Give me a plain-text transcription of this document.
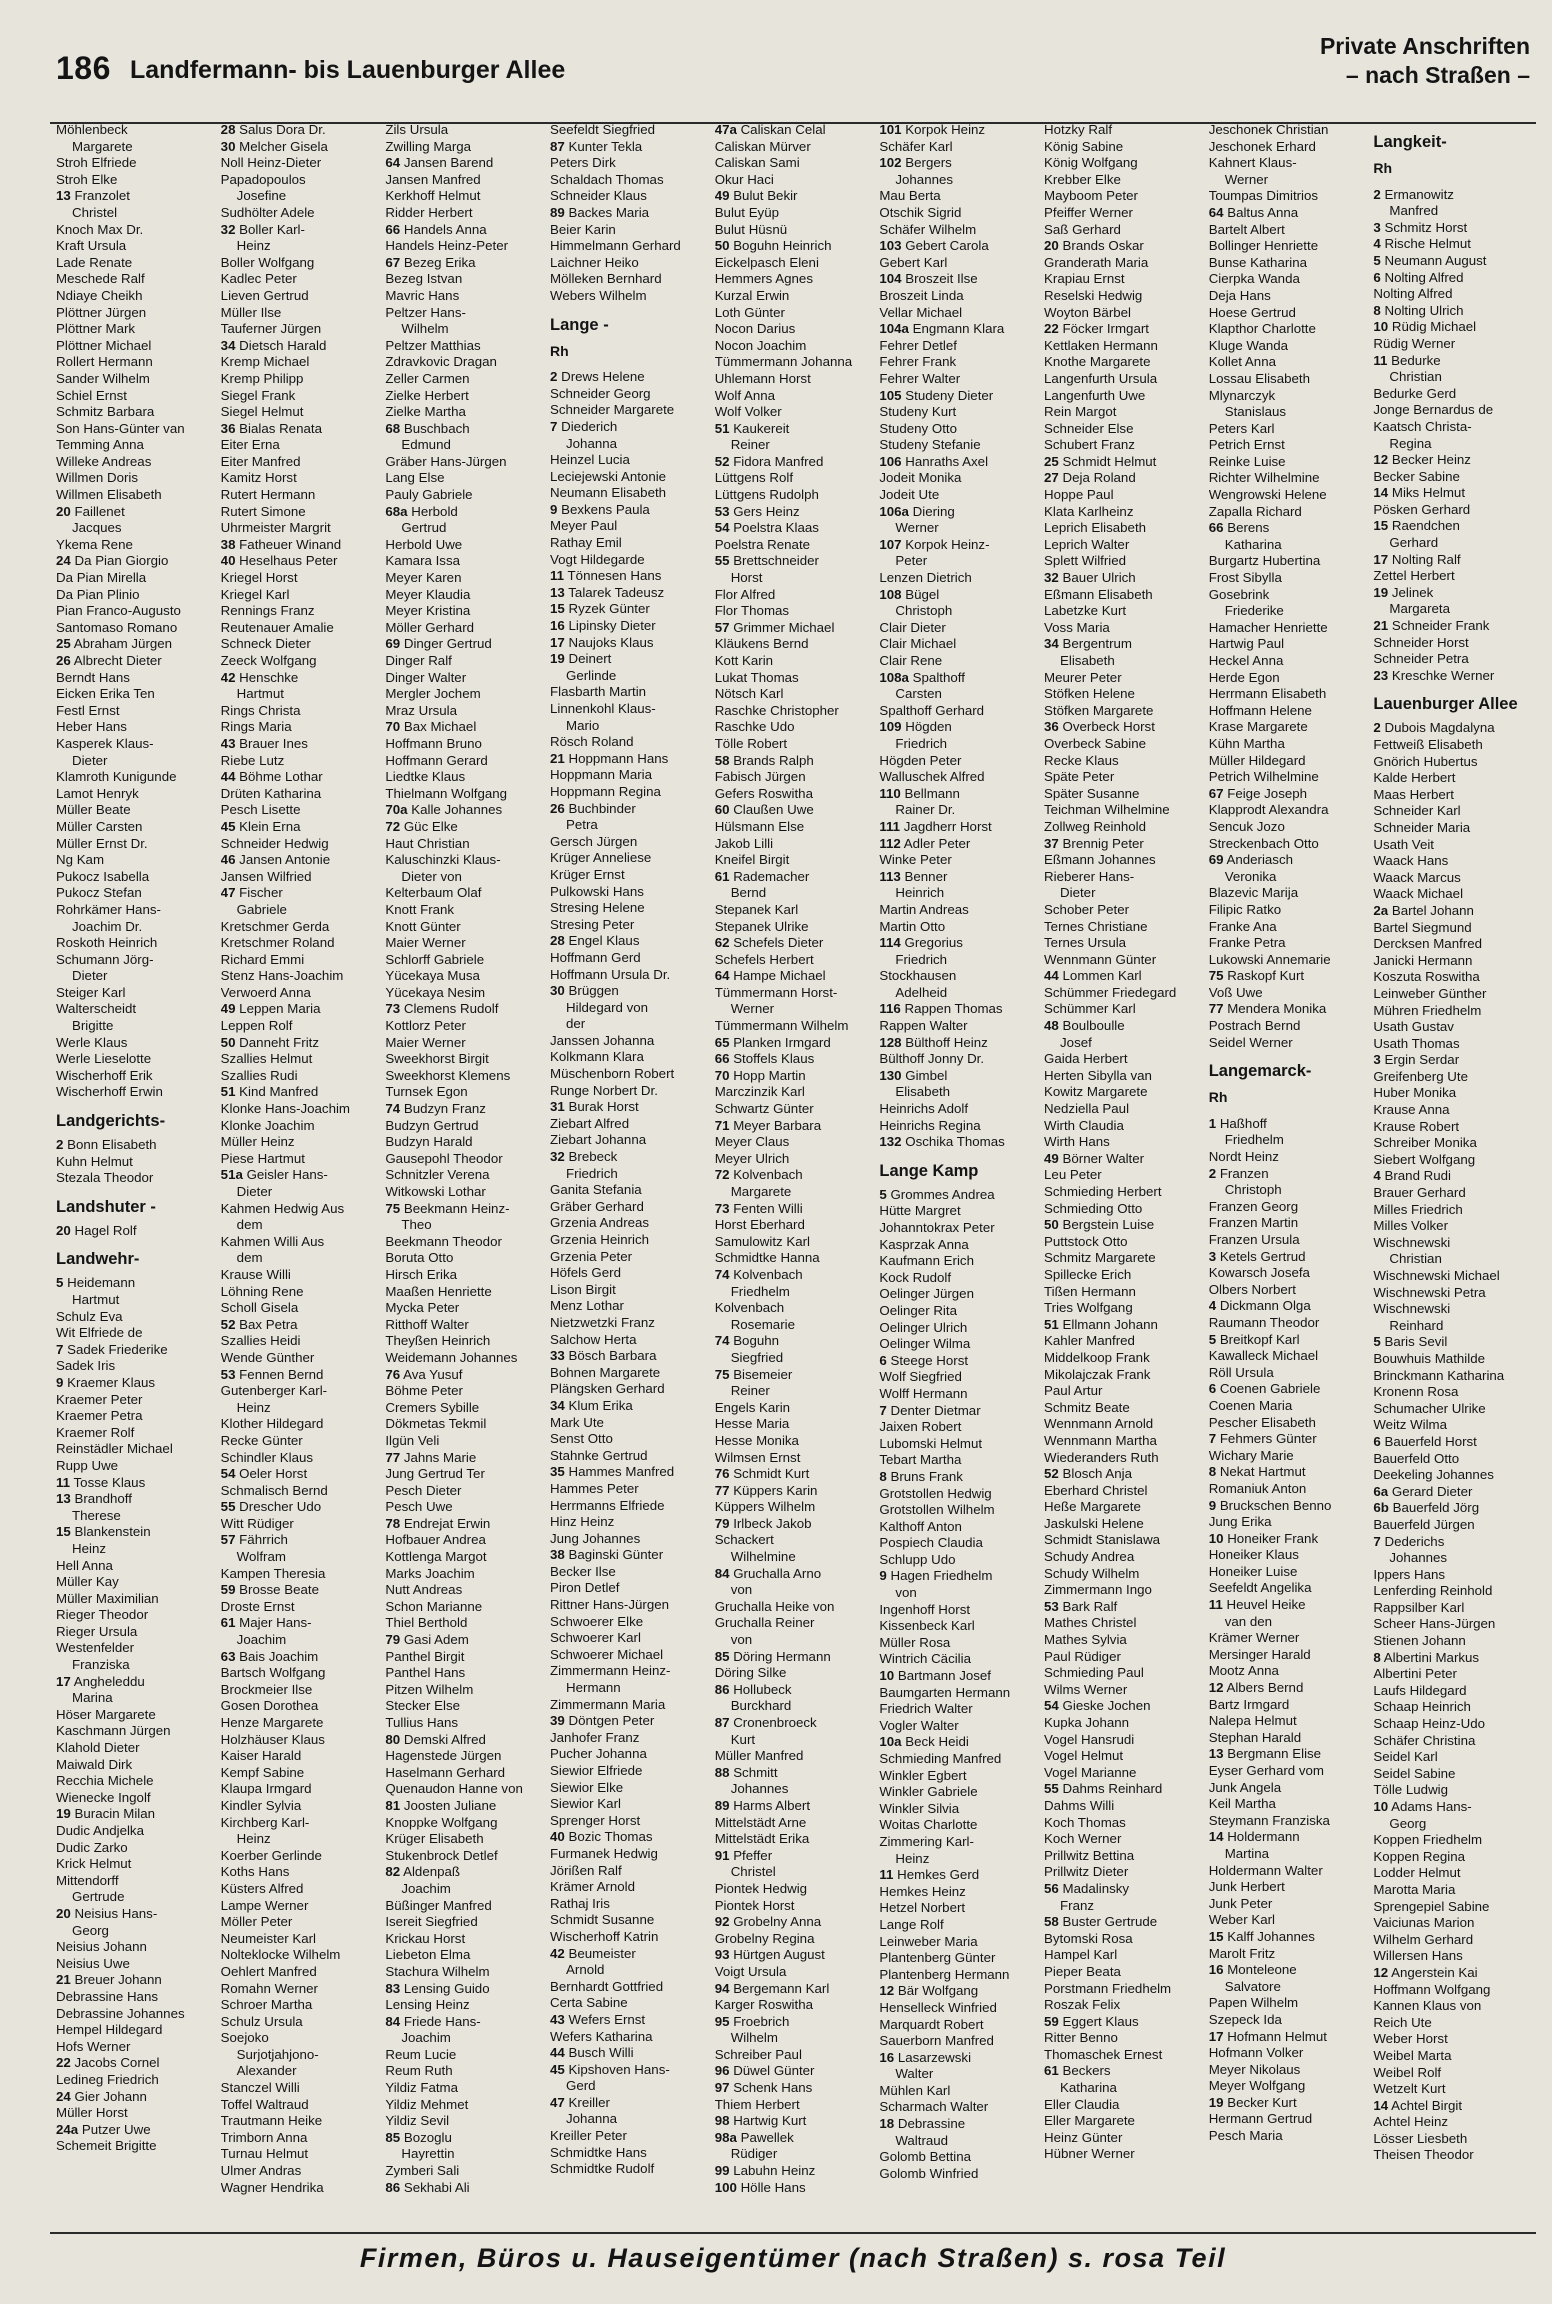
186 Landfermann- bis Lauenburger Allee
Private Anschriften
– nach Straßen –
Möhlenbeck
Margarete
Stroh Elfriede
Stroh Elke
13 Franzolet
Christel
Knoch Max Dr.
Kraft Ursula
Lade Renate
Meschede Ralf
Ndiaye Cheikh
Plöttner Jürgen
Plöttner Mark
Plöttner Michael
Rollert Hermann
Sander Wilhelm
Schiel Ernst
Schmitz Barbara
Son Hans-Günter van
Temming Anna
Willeke Andreas
Willmen Doris
Willmen Elisabeth
20 Faillenet
Jacques
Ykema Rene
24 Da Pian Giorgio
Da Pian Mirella
Da Pian Plinio
Pian Franco-Augusto
Santomaso Romano
25 Abraham Jürgen
26 Albrecht Dieter
Berndt Hans
Eicken Erika Ten
Festl Ernst
Heber Hans
Kasperek Klaus-
Dieter
Klamroth Kunigunde
Lamot Henryk
Müller Beate
Müller Carsten
Müller Ernst Dr.
Ng Kam
Pukocz Isabella
Pukocz Stefan
Rohrkämer Hans-
Joachim Dr.
Roskoth Heinrich
Schumann Jörg-
Dieter
Steiger Karl
Walterscheidt
Brigitte
Werle Klaus
Werle Lieselotte
Wischerhoff Erik
Wischerhoff Erwin
Landgerichts-
2 Bonn Elisabeth
Kuhn Helmut
Stezala Theodor
Landshuter -
20 Hagel Rolf
Landwehr-
5 Heidemann
Hartmut
Schulz Eva
Wit Elfriede de
7 Sadek Friederike
Sadek Iris
9 Kraemer Klaus
Kraemer Peter
Kraemer Petra
Kraemer Rolf
Reinstädler Michael
Rupp Uwe
11 Tosse Klaus
13 Brandhoff
Therese
15 Blankenstein
Heinz
Hell Anna
Müller Kay
Müller Maximilian
Rieger Theodor
Rieger Ursula
Westenfelder
Franziska
17 Angheleddu
Marina
Höser Margarete
Kaschmann Jürgen
Klahold Dieter
Maiwald Dirk
Recchia Michele
Wienecke Ingolf
19 Buracin Milan
Dudic Andjelka
Dudic Zarko
Krick Helmut
Mittendorff
Gertrude
20 Neisius Hans-
Georg
Neisius Johann
Neisius Uwe
21 Breuer Johann
Debrassine Hans
Debrassine Johannes
Hempel Hildegard
Hofs Werner
22 Jacobs Cornel
Ledineg Friedrich
24 Gier Johann
Müller Horst
24a Putzer Uwe
Schemeit Brigitte
28 Salus Dora Dr.
30 Melcher Gisela
Noll Heinz-Dieter
Papadopoulos
Josefine
Sudhölter Adele
32 Boller Karl-
Heinz
Boller Wolfgang
Kadlec Peter
Lieven Gertrud
Müller Ilse
Tauferner Jürgen
34 Dietsch Harald
Kremp Michael
Kremp Philipp
Siegel Frank
Siegel Helmut
36 Bialas Renata
Eiter Erna
Eiter Manfred
Kamitz Horst
Rutert Hermann
Rutert Simone
Uhrmeister Margrit
38 Fatheuer Winand
40 Heselhaus Peter
Kriegel Horst
Kriegel Karl
Rennings Franz
Reutenauer Amalie
Schneck Dieter
Zeeck Wolfgang
42 Henschke
Hartmut
Rings Christa
Rings Maria
43 Brauer Ines
Riebe Lutz
44 Böhme Lothar
Drüten Katharina
Pesch Lisette
45 Klein Erna
Schneider Hedwig
46 Jansen Antonie
Jansen Wilfried
47 Fischer
Gabriele
Kretschmer Gerda
Kretschmer Roland
Richard Emmi
Stenz Hans-Joachim
Verwoerd Anna
49 Leppen Maria
Leppen Rolf
50 Danneht Fritz
Szallies Helmut
Szallies Rudi
51 Kind Manfred
Klonke Hans-Joachim
Klonke Joachim
Müller Heinz
Piese Hartmut
51a Geisler Hans-
Dieter
Kahmen Hedwig Aus
dem
Kahmen Willi Aus
dem
Krause Willi
Löhning Rene
Scholl Gisela
52 Bax Petra
Szallies Heidi
Wende Günther
53 Fennen Bernd
Gutenberger Karl-
Heinz
Klother Hildegard
Recke Günter
Schindler Klaus
54 Oeler Horst
Schmalisch Bernd
55 Drescher Udo
Witt Rüdiger
57 Fährrich
Wolfram
Kampen Theresia
59 Brosse Beate
Droste Ernst
61 Majer Hans-
Joachim
63 Bais Joachim
Bartsch Wolfgang
Brockmeier Ilse
Gosen Dorothea
Henze Margarete
Holzhäuser Klaus
Kaiser Harald
Kempf Sabine
Klaupa Irmgard
Kindler Sylvia
Kirchberg Karl-
Heinz
Koerber Gerlinde
Koths Hans
Küsters Alfred
Lampe Werner
Möller Peter
Neumeister Karl
Nolteklocke Wilhelm
Oehlert Manfred
Romahn Werner
Schroer Martha
Schulz Ursula
Soejoko
Surjotjahjono-
Alexander
Stanczel Willi
Toffel Waltraud
Trautmann Heike
Trimborn Anna
Turnau Helmut
Ulmer Andras
Wagner Hendrika
Zils Ursula
Zwilling Marga
64 Jansen Barend
Jansen Manfred
Kerkhoff Helmut
Ridder Herbert
66 Handels Anna
Handels Heinz-Peter
67 Bezeg Erika
Bezeg Istvan
Mavric Hans
Peltzer Hans-
Wilhelm
Peltzer Matthias
Zdravkovic Dragan
Zeller Carmen
Zielke Herbert
Zielke Martha
68 Buschbach
Edmund
Gräber Hans-Jürgen
Lang Else
Pauly Gabriele
68a Herbold
Gertrud
Herbold Uwe
Kamara Issa
Meyer Karen
Meyer Klaudia
Meyer Kristina
Möller Gerhard
69 Dinger Gertrud
Dinger Ralf
Dinger Walter
Mergler Jochem
Mraz Ursula
70 Bax Michael
Hoffmann Bruno
Hoffmann Gerard
Liedtke Klaus
Thielmann Wolfgang
70a Kalle Johannes
72 Güc Elke
Haut Christian
Kaluschinzki Klaus-
Dieter von
Kelterbaum Olaf
Knott Frank
Knott Günter
Maier Werner
Schlorff Gabriele
Yücekaya Musa
Yücekaya Nesim
73 Clemens Rudolf
Kottlorz Peter
Maier Werner
Sweekhorst Birgit
Sweekhorst Klemens
Turnsek Egon
74 Budzyn Franz
Budzyn Gertrud
Budzyn Harald
Gausepohl Theodor
Schnitzler Verena
Witkowski Lothar
75 Beekmann Heinz-
Theo
Beekmann Theodor
Boruta Otto
Hirsch Erika
Maaßen Henriette
Mycka Peter
Ritthoff Walter
Theyßen Heinrich
Weidemann Johannes
76 Ava Yusuf
Böhme Peter
Cremers Sybille
Dökmetas Tekmil
Ilgün Veli
77 Jahns Marie
Jung Gertrud Ter
Pesch Dieter
Pesch Uwe
78 Endrejat Erwin
Hofbauer Andrea
Kottlenga Margot
Marks Joachim
Nutt Andreas
Schon Marianne
Thiel Berthold
79 Gasi Adem
Panthel Birgit
Panthel Hans
Pitzen Wilhelm
Stecker Else
Tullius Hans
80 Demski Alfred
Hagenstede Jürgen
Haselmann Gerhard
Quenaudon Hanne von
81 Joosten Juliane
Knoppke Wolfgang
Krüger Elisabeth
Stukenbrock Detlef
82 Aldenpaß
Joachim
Büßinger Manfred
Isereit Siegfried
Krickau Horst
Liebeton Elma
Stachura Wilhelm
83 Lensing Guido
Lensing Heinz
84 Friede Hans-
Joachim
Reum Lucie
Reum Ruth
Yildiz Fatma
Yildiz Mehmet
Yildiz Sevil
85 Bozoglu
Hayrettin
Zymberi Sali
86 Sekhabi Ali
Seefeldt Siegfried
87 Kunter Tekla
Peters Dirk
Schaldach Thomas
Schneider Klaus
89 Backes Maria
Beier Karin
Himmelmann Gerhard
Laichner Heiko
Mölleken Bernhard
Webers Wilhelm
Lange -
Rh
2 Drews Helene
Schneider Georg
Schneider Margarete
7 Diederich
Johanna
Heinzel Lucia
Leciejewski Antonie
Neumann Elisabeth
9 Bexkens Paula
Meyer Paul
Rathay Emil
Vogt Hildegarde
11 Tönnesen Hans
13 Talarek Tadeusz
15 Ryzek Günter
16 Lipinsky Dieter
17 Naujoks Klaus
19 Deinert
Gerlinde
Flasbarth Martin
Linnenkohl Klaus-
Mario
Rösch Roland
21 Hoppmann Hans
Hoppmann Maria
Hoppmann Regina
26 Buchbinder
Petra
Gersch Jürgen
Krüger Anneliese
Krüger Ernst
Pulkowski Hans
Stresing Helene
Stresing Peter
28 Engel Klaus
Hoffmann Gerd
Hoffmann Ursula Dr.
30 Brüggen
Hildegard von
der
Janssen Johanna
Kolkmann Klara
Müschenborn Robert
Runge Norbert Dr.
31 Burak Horst
Ziebart Alfred
Ziebart Johanna
32 Brebeck
Friedrich
Ganita Stefania
Gräber Gerhard
Grzenia Andreas
Grzenia Heinrich
Grzenia Peter
Höfels Gerd
Lison Birgit
Menz Lothar
Nietzwetzki Franz
Salchow Herta
33 Bösch Barbara
Bohnen Margarete
Plängsken Gerhard
34 Klum Erika
Mark Ute
Senst Otto
Stahnke Gertrud
35 Hammes Manfred
Hammes Peter
Herrmanns Elfriede
Hinz Heinz
Jung Johannes
38 Baginski Günter
Becker Ilse
Piron Detlef
Rittner Hans-Jürgen
Schwoerer Elke
Schwoerer Karl
Schwoerer Michael
Zimmermann Heinz-
Hermann
Zimmermann Maria
39 Döntgen Peter
Janhofer Franz
Pucher Johanna
Siewior Elfriede
Siewior Elke
Siewior Karl
Sprenger Horst
40 Bozic Thomas
Furmanek Hedwig
Jörißen Ralf
Krämer Arnold
Rathaj Iris
Schmidt Susanne
Wischerhoff Katrin
42 Beumeister
Arnold
Bernhardt Gottfried
Certa Sabine
43 Wefers Ernst
Wefers Katharina
44 Busch Willi
45 Kipshoven Hans-
Gerd
47 Kreiller
Johanna
Kreiller Peter
Schmidtke Hans
Schmidtke Rudolf
47a Caliskan Celal
Caliskan Mürver
Caliskan Sami
Okur Haci
49 Bulut Bekir
Bulut Eyüp
Bulut Hüsnü
50 Boguhn Heinrich
Eickelpasch Eleni
Hemmers Agnes
Kurzal Erwin
Loth Günter
Nocon Darius
Nocon Joachim
Tümmermann Johanna
Uhlemann Horst
Wolf Anna
Wolf Volker
51 Kaukereit
Reiner
52 Fidora Manfred
Lüttgens Rolf
Lüttgens Rudolph
53 Gers Heinz
54 Poelstra Klaas
Poelstra Renate
55 Brettschneider
Horst
Flor Alfred
Flor Thomas
57 Grimmer Michael
Kläukens Bernd
Kott Karin
Lukat Thomas
Nötsch Karl
Raschke Christopher
Raschke Udo
Tölle Robert
58 Brands Ralph
Fabisch Jürgen
Gefers Roswitha
60 Claußen Uwe
Hülsmann Else
Jakob Lilli
Kneifel Birgit
61 Rademacher
Bernd
Stepanek Karl
Stepanek Ulrike
62 Schefels Dieter
Schefels Herbert
64 Hampe Michael
Tümmermann Horst-
Werner
Tümmermann Wilhelm
65 Planken Irmgard
66 Stoffels Klaus
70 Hopp Martin
Marczinzik Karl
Schwartz Günter
71 Meyer Barbara
Meyer Claus
Meyer Ulrich
72 Kolvenbach
Margarete
73 Fenten Willi
Horst Eberhard
Samulowitz Karl
Schmidtke Hanna
74 Kolvenbach
Friedhelm
Kolvenbach
Rosemarie
74 Boguhn
Siegfried
75 Bisemeier
Reiner
Engels Karin
Hesse Maria
Hesse Monika
Wilmsen Ernst
76 Schmidt Kurt
77 Küppers Karin
Küppers Wilhelm
79 Irlbeck Jakob
Schackert
Wilhelmine
84 Gruchalla Arno
von
Gruchalla Heike von
Gruchalla Reiner
von
85 Döring Hermann
Döring Silke
86 Hollubeck
Burckhard
87 Cronenbroeck
Kurt
Müller Manfred
88 Schmitt
Johannes
89 Harms Albert
Mittelstädt Arne
Mittelstädt Erika
91 Pfeffer
Christel
Piontek Hedwig
Piontek Horst
92 Grobelny Anna
Grobelny Regina
93 Hürtgen August
Voigt Ursula
94 Bergemann Karl
Karger Roswitha
95 Froebrich
Wilhelm
Schreiber Paul
96 Düwel Günter
97 Schenk Hans
Thiem Herbert
98 Hartwig Kurt
98a Pawellek
Rüdiger
99 Labuhn Heinz
100 Hölle Hans
101 Korpok Heinz
Schäfer Karl
102 Bergers
Johannes
Mau Berta
Otschik Sigrid
Schäfer Wilhelm
103 Gebert Carola
Gebert Karl
104 Broszeit Ilse
Broszeit Linda
Vellar Michael
104a Engmann Klara
Fehrer Detlef
Fehrer Frank
Fehrer Walter
105 Studeny Dieter
Studeny Kurt
Studeny Otto
Studeny Stefanie
106 Hanraths Axel
Jodeit Monika
Jodeit Ute
106a Diering
Werner
107 Korpok Heinz-
Peter
Lenzen Dietrich
108 Bügel
Christoph
Clair Dieter
Clair Michael
Clair Rene
108a Spalthoff
Carsten
Spalthoff Gerhard
109 Högden
Friedrich
Högden Peter
Walluschek Alfred
110 Bellmann
Rainer Dr.
111 Jagdherr Horst
112 Adler Peter
Winke Peter
113 Benner
Heinrich
Martin Andreas
Martin Otto
114 Gregorius
Friedrich
Stockhausen
Adelheid
116 Rappen Thomas
Rappen Walter
128 Bülthoff Heinz
Bülthoff Jonny Dr.
130 Gimbel
Elisabeth
Heinrichs Adolf
Heinrichs Regina
132 Oschika Thomas
Lange Kamp
5 Grommes Andrea
Hütte Margret
Johanntokrax Peter
Kasprzak Anna
Kaufmann Erich
Kock Rudolf
Oelinger Jürgen
Oelinger Rita
Oelinger Ulrich
Oelinger Wilma
6 Steege Horst
Wolf Siegfried
Wolff Hermann
7 Denter Dietmar
Jaixen Robert
Lubomski Helmut
Tebart Martha
8 Bruns Frank
Grotstollen Hedwig
Grotstollen Wilhelm
Kalthoff Anton
Pospiech Claudia
Schlupp Udo
9 Hagen Friedhelm
von
Ingenhoff Horst
Kissenbeck Karl
Müller Rosa
Wintrich Cäcilia
10 Bartmann Josef
Baumgarten Hermann
Friedrich Walter
Vogler Walter
10a Beck Heidi
Schmieding Manfred
Winkler Egbert
Winkler Gabriele
Winkler Silvia
Woitas Charlotte
Zimmering Karl-
Heinz
11 Hemkes Gerd
Hemkes Heinz
Hetzel Norbert
Lange Rolf
Leinweber Maria
Plantenberg Günter
Plantenberg Hermann
12 Bär Wolfgang
Henselleck Winfried
Marquardt Robert
Sauerborn Manfred
16 Lasarzewski
Walter
Mühlen Karl
Scharmach Walter
18 Debrassine
Waltraud
Golomb Bettina
Golomb Winfried
Hotzky Ralf
König Sabine
König Wolfgang
Krebber Elke
Mayboom Peter
Pfeiffer Werner
Saß Gerhard
20 Brands Oskar
Granderath Maria
Krapiau Ernst
Reselski Hedwig
Woyton Bärbel
22 Föcker Irmgart
Kettlaken Hermann
Knothe Margarete
Langenfurth Ursula
Langenfurth Uwe
Rein Margot
Schneider Else
Schubert Franz
25 Schmidt Helmut
27 Deja Roland
Hoppe Paul
Klata Karlheinz
Leprich Elisabeth
Leprich Walter
Splett Wilfried
32 Bauer Ulrich
Eßmann Elisabeth
Labetzke Kurt
Voss Maria
34 Bergentrum
Elisabeth
Meurer Peter
Stöfken Helene
Stöfken Margarete
36 Overbeck Horst
Overbeck Sabine
Recke Klaus
Späte Peter
Später Susanne
Teichman Wilhelmine
Zollweg Reinhold
37 Brennig Peter
Eßmann Johannes
Rieberer Hans-
Dieter
Schober Peter
Ternes Christiane
Ternes Ursula
Wennmann Günter
44 Lommen Karl
Schümmer Friedegard
Schümmer Karl
48 Boulboulle
Josef
Gaida Herbert
Herten Sibylla van
Kowitz Margarete
Nedziella Paul
Wirth Claudia
Wirth Hans
49 Börner Walter
Leu Peter
Schmieding Herbert
Schmieding Otto
50 Bergstein Luise
Puttstock Otto
Schmitz Margarete
Spillecke Erich
Tißen Hermann
Tries Wolfgang
51 Ellmann Johann
Kahler Manfred
Middelkoop Frank
Mikolajczak Frank
Paul Artur
Schmitz Beate
Wennmann Arnold
Wennmann Martha
Wiederanders Ruth
52 Blosch Anja
Eberhard Christel
Heße Margarete
Jaskulski Helene
Schmidt Stanislawa
Schudy Andrea
Schudy Wilhelm
Zimmermann Ingo
53 Bark Ralf
Mathes Christel
Mathes Sylvia
Paul Rüdiger
Schmieding Paul
Wilms Werner
54 Gieske Jochen
Kupka Johann
Vogel Hansrudi
Vogel Helmut
Vogel Marianne
55 Dahms Reinhard
Dahms Willi
Koch Thomas
Koch Werner
Prillwitz Bettina
Prillwitz Dieter
56 Madalinsky
Franz
58 Buster Gertrude
Bytomski Rosa
Hampel Karl
Pieper Beata
Porstmann Friedhelm
Roszak Felix
59 Eggert Klaus
Ritter Benno
Thomaschek Ernest
61 Beckers
Katharina
Eller Claudia
Eller Margarete
Heinz Günter
Hübner Werner
Jeschonek Christian
Jeschonek Erhard
Kahnert Klaus-
Werner
Toumpas Dimitrios
64 Baltus Anna
Bartelt Albert
Bollinger Henriette
Bunse Katharina
Cierpka Wanda
Deja Hans
Hoese Gertrud
Klapthor Charlotte
Kluge Wanda
Kollet Anna
Lossau Elisabeth
Mlynarczyk
Stanislaus
Peters Karl
Petrich Ernst
Reinke Luise
Richter Wilhelmine
Wengrowski Helene
Zapalla Richard
66 Berens
Katharina
Burgartz Hubertina
Frost Sibylla
Gosebrink
Friederike
Hamacher Henriette
Hartwig Paul
Heckel Anna
Herde Egon
Herrmann Elisabeth
Hoffmann Helene
Krase Margarete
Kühn Martha
Müller Hildegard
Petrich Wilhelmine
67 Feige Joseph
Klapprodt Alexandra
Sencuk Jozo
Streckenbach Otto
69 Anderiasch
Veronika
Blazevic Marija
Filipic Ratko
Franke Ana
Franke Petra
Lukowski Annemarie
75 Raskopf Kurt
Voß Uwe
77 Mendera Monika
Postrach Bernd
Seidel Werner
Langemarck-
Rh
1 Haßhoff
Friedhelm
Nordt Heinz
2 Franzen
Christoph
Franzen Georg
Franzen Martin
Franzen Ursula
3 Ketels Gertrud
Kowarsch Josefa
Olbers Norbert
4 Dickmann Olga
Raumann Theodor
5 Breitkopf Karl
Kawalleck Michael
Röll Ursula
6 Coenen Gabriele
Coenen Maria
Pescher Elisabeth
7 Fehmers Günter
Wichary Marie
8 Nekat Hartmut
Romaniuk Anton
9 Bruckschen Benno
Jung Erika
10 Honeiker Frank
Honeiker Klaus
Honeiker Luise
Seefeldt Angelika
11 Heuvel Heike
van den
Krämer Werner
Mersinger Harald
Mootz Anna
12 Albers Bernd
Bartz Irmgard
Nalepa Helmut
Stephan Harald
13 Bergmann Elise
Eyser Gerhard vom
Junk Angela
Keil Martha
Steymann Franziska
14 Holdermann
Martina
Holdermann Walter
Junk Herbert
Junk Peter
Weber Karl
15 Kalff Johannes
Marolt Fritz
16 Monteleone
Salvatore
Papen Wilhelm
Szepeck Ida
17 Hofmann Helmut
Hofmann Volker
Meyer Nikolaus
Meyer Wolfgang
19 Becker Kurt
Hermann Gertrud
Pesch Maria
Langkeit-
Rh
2 Ermanowitz
Manfred
3 Schmitz Horst
4 Rische Helmut
5 Neumann August
6 Nolting Alfred
Nolting Alfred
8 Nolting Ulrich
10 Rüdig Michael
Rüdig Werner
11 Bedurke
Christian
Bedurke Gerd
Jonge Bernardus de
Kaatsch Christa-
Regina
12 Becker Heinz
Becker Sabine
14 Miks Helmut
Pösken Gerhard
15 Raendchen
Gerhard
17 Nolting Ralf
Zettel Herbert
19 Jelinek
Margareta
21 Schneider Frank
Schneider Horst
Schneider Petra
23 Kreschke Werner
Lauenburger Allee
2 Dubois Magdalyna
Fettweiß Elisabeth
Gnörich Hubertus
Kalde Herbert
Maas Herbert
Schneider Karl
Schneider Maria
Usath Veit
Waack Hans
Waack Marcus
Waack Michael
2a Bartel Johann
Bartel Siegmund
Dercksen Manfred
Janicki Hermann
Koszuta Roswitha
Leinweber Günther
Mühren Friedhelm
Usath Gustav
Usath Thomas
3 Ergin Serdar
Greifenberg Ute
Huber Monika
Krause Anna
Krause Robert
Schreiber Monika
Siebert Wolfgang
4 Brand Rudi
Brauer Gerhard
Milles Friedrich
Milles Volker
Wischnewski
Christian
Wischnewski Michael
Wischnewski Petra
Wischnewski
Reinhard
5 Baris Sevil
Bouwhuis Mathilde
Brinckmann Katharina
Kronenn Rosa
Schumacher Ulrike
Weitz Wilma
6 Bauerfeld Horst
Bauerfeld Otto
Deekeling Johannes
6a Gerard Dieter
6b Bauerfeld Jörg
Bauerfeld Jürgen
7 Dederichs
Johannes
Ippers Hans
Lenferding Reinhold
Rappsilber Karl
Scheer Hans-Jürgen
Stienen Johann
8 Albertini Markus
Albertini Peter
Laufs Hildegard
Schaap Heinrich
Schaap Heinz-Udo
Schäfer Christina
Seidel Karl
Seidel Sabine
Tölle Ludwig
10 Adams Hans-
Georg
Koppen Friedhelm
Koppen Regina
Lodder Helmut
Marotta Maria
Sprengepiel Sabine
Vaiciunas Marion
Wilhelm Gerhard
Willersen Hans
12 Angerstein Kai
Hoffmann Wolfgang
Kannen Klaus von
Reich Ute
Weber Horst
Weibel Marta
Weibel Rolf
Wetzelt Kurt
14 Achtel Birgit
Achtel Heinz
Lösser Liesbeth
Theisen Theodor
Firmen, Büros u. Hauseigentümer (nach Straßen) s. rosa Teil
